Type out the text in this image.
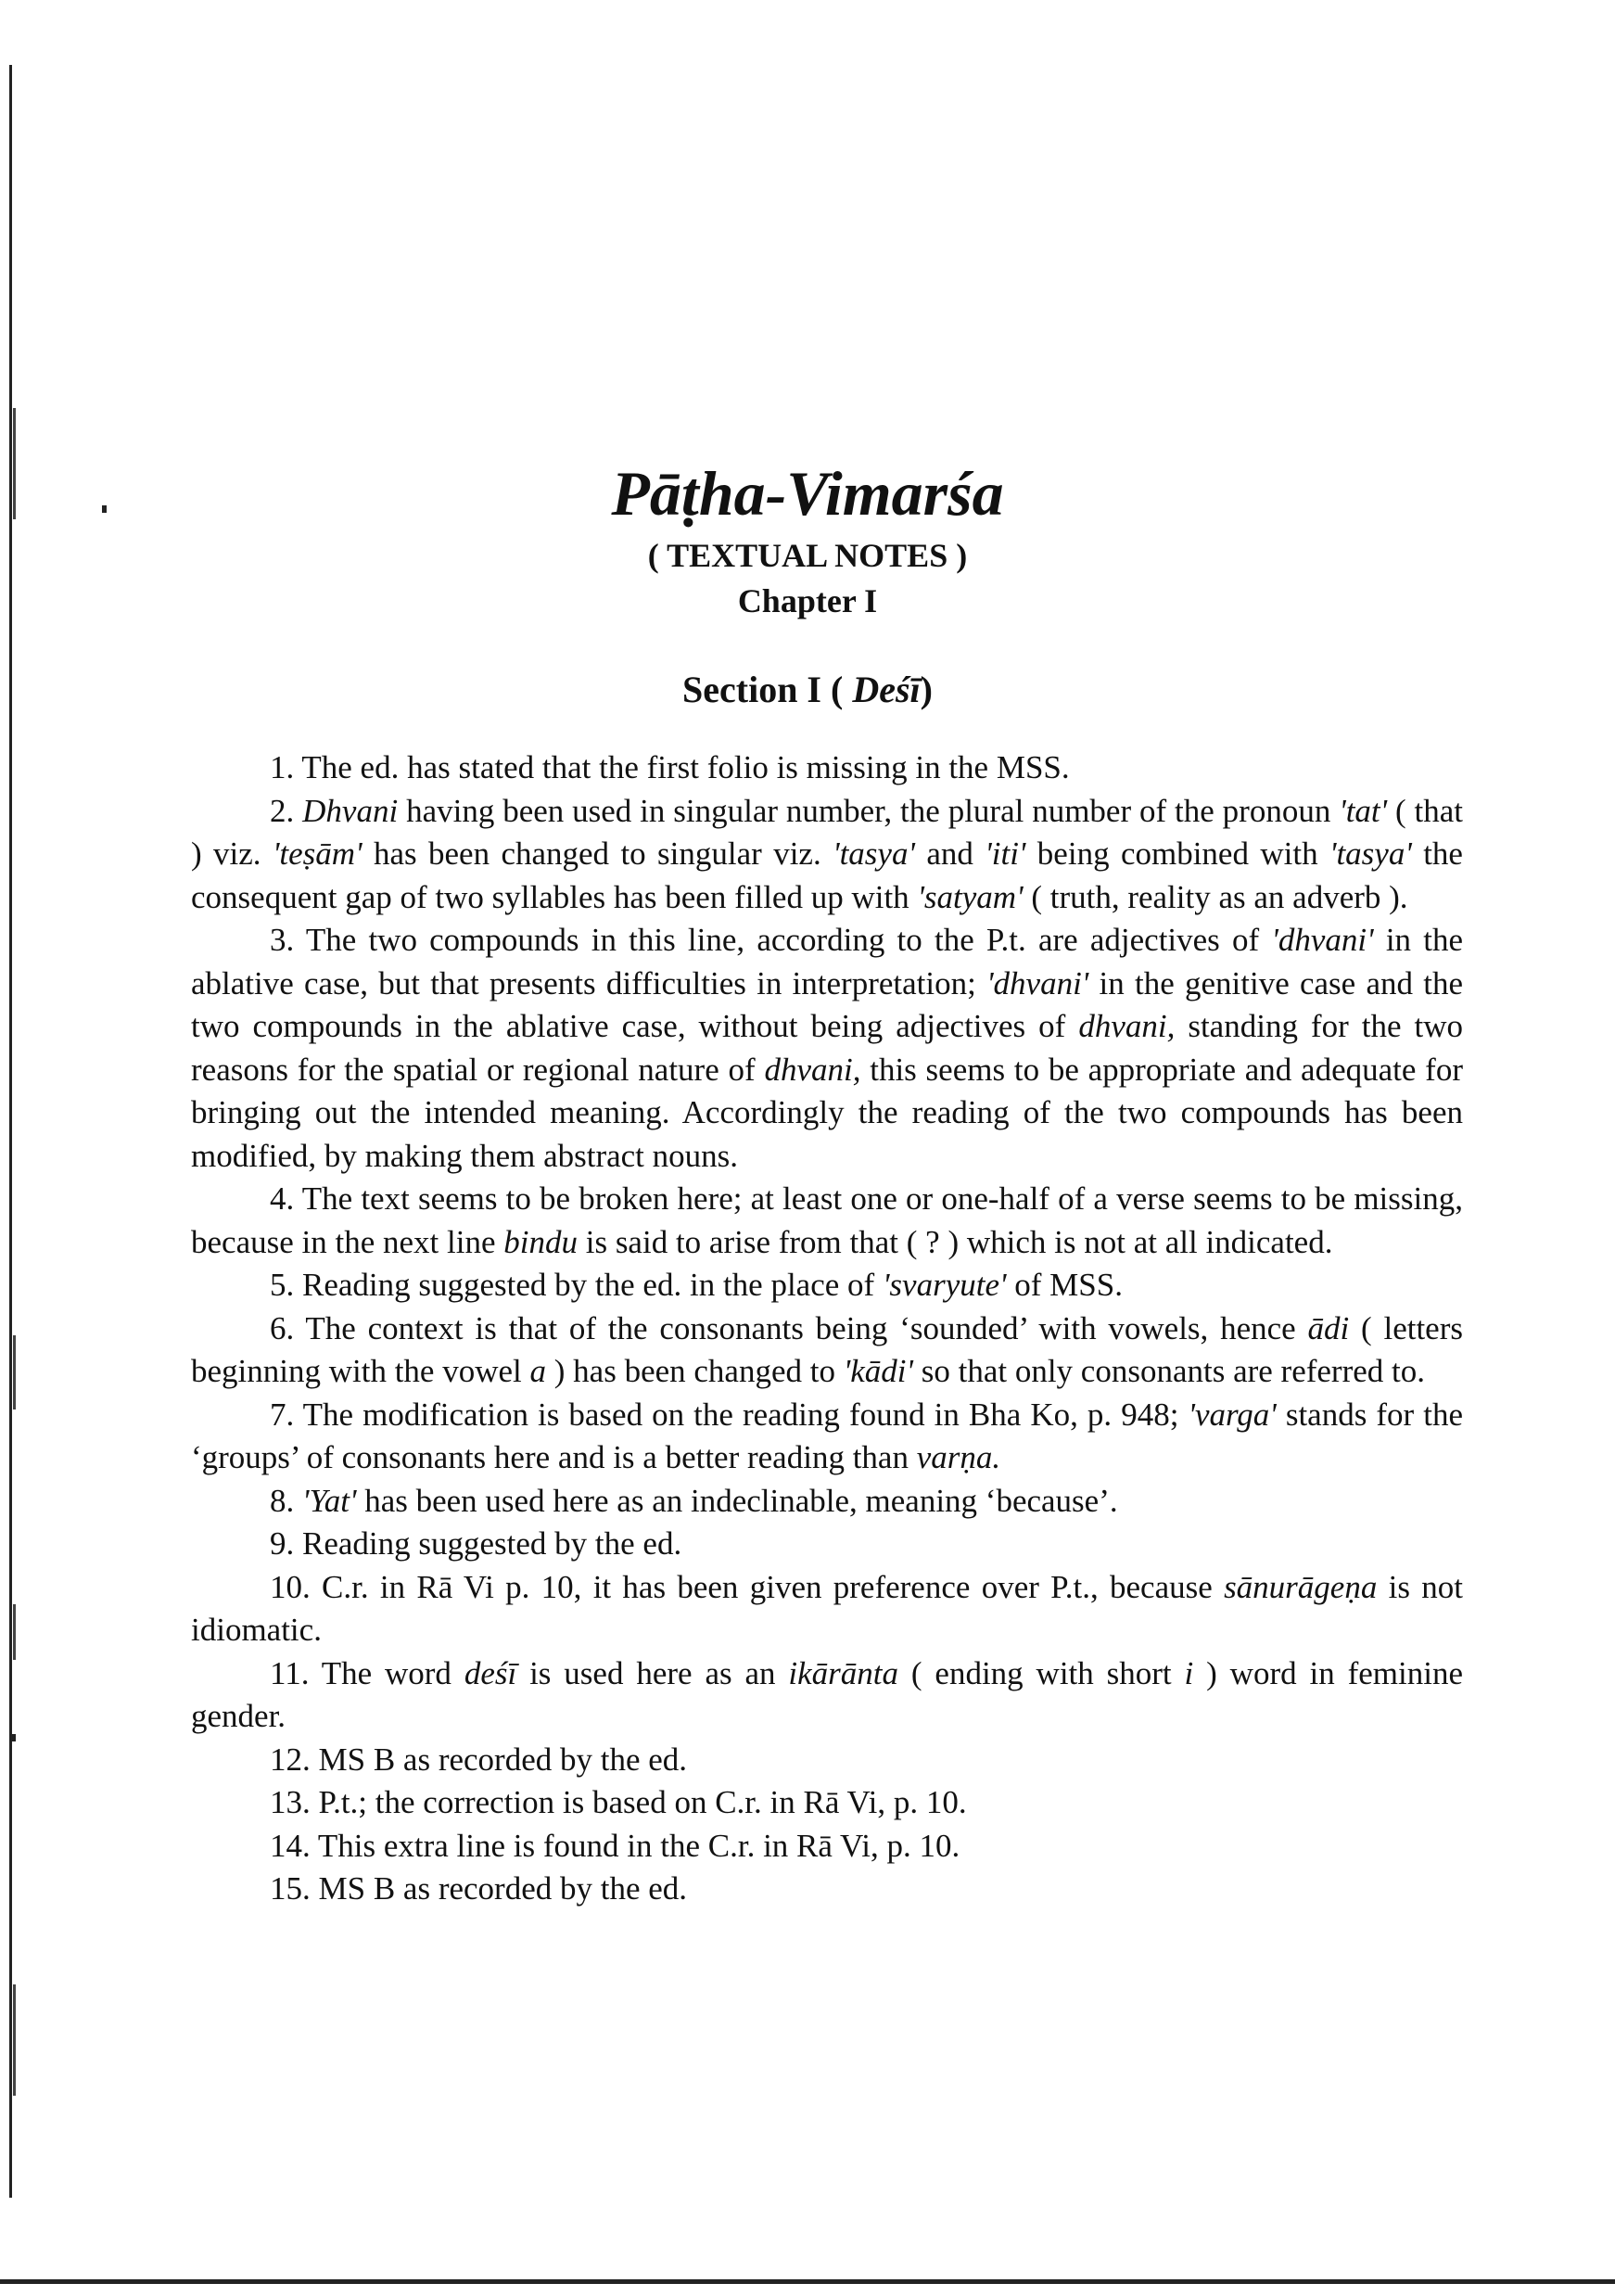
Pāṭha-Vimarśa
( TEXTUAL NOTES )
Chapter I
Section I ( Deśī)

1. The ed. has stated that the first folio is missing in the MSS.

2. Dhvani having been used in singular number, the plural number of the pronoun 'tat' ( that ) viz. 'teṣām' has been changed to singular viz. 'tasya' and 'iti' being combined with 'tasya' the consequent gap of two syllables has been filled up with 'satyam' ( truth, reality as an adverb ).

3. The two compounds in this line, according to the P.t. are adjectives of 'dhvani' in the ablative case, but that presents difficulties in interpretation; 'dhvani' in the genitive case and the two compounds in the ablative case, without being adjectives of dhvani, standing for the two reasons for the spatial or regional nature of dhvani, this seems to be appropriate and adequate for bringing out the intended meaning. Accordingly the reading of the two compounds has been modified, by making them abstract nouns.

4. The text seems to be broken here; at least one or one-half of a verse seems to be missing, because in the next line bindu is said to arise from that ( ? ) which is not at all indicated.

5. Reading suggested by the ed. in the place of 'svaryute' of MSS.

6. The context is that of the consonants being ‘sounded’ with vowels, hence ādi ( letters beginning with the vowel a ) has been changed to 'kādi' so that only consonants are referred to.

7. The modification is based on the reading found in Bha Ko, p. 948; 'varga' stands for the ‘groups’ of consonants here and is a better reading than varṇa.

8. 'Yat' has been used here as an indeclinable, meaning ‘because’.

9. Reading suggested by the ed.

10. C.r. in Rā Vi p. 10, it has been given preference over P.t., because sānurāgeṇa is not idiomatic.

11. The word deśī is used here as an ikārānta ( ending with short i ) word in feminine gender.

12. MS B as recorded by the ed.

13. P.t.; the correction is based on C.r. in Rā Vi, p. 10.

14. This extra line is found in the C.r. in Rā Vi, p. 10.

15. MS B as recorded by the ed.
